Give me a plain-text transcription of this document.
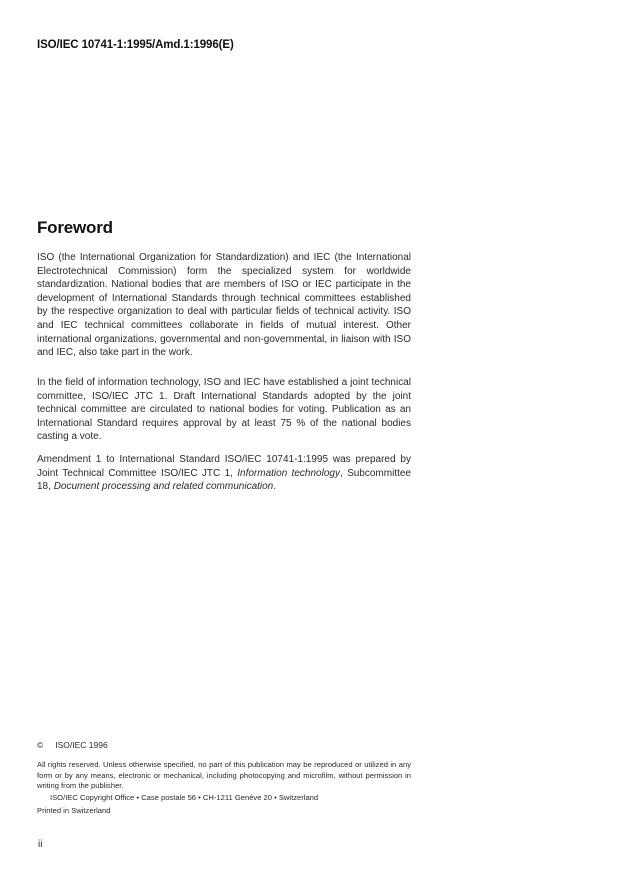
ISO/IEC 10741-1:1995/Amd.1:1996(E)
Foreword

ISO (the International Organization for Standardization) and IEC (the International Electrotechnical Commission) form the specialized system for worldwide standardization. National bodies that are members of ISO or IEC participate in the development of International Standards through technical committees established by the respective organization to deal with particular fields of technical activity. ISO and IEC technical committees collaborate in fields of mutual interest. Other international organizations, governmental and non-governmental, in liaison with ISO and IEC, also take part in the work.

In the field of information technology, ISO and IEC have established a joint technical committee, ISO/IEC JTC 1. Draft International Standards adopted by the joint technical committee are circulated to national bodies for voting. Publication as an International Standard requires approval by at least 75 % of the national bodies casting a vote.

Amendment 1 to International Standard ISO/IEC 10741-1:1995 was prepared by Joint Technical Committee ISO/IEC JTC 1, Information technology, Subcommittee 18, Document processing and related communication.

© ISO/IEC 1996
All rights reserved. Unless otherwise specified, no part of this publication may be reproduced or utilized in any form or by any means, electronic or mechanical, including photocopying and microfilm, without permission in writing from the publisher.
ISO/IEC Copyright Office • Case postale 56 • CH-1211 Genève 20 • Switzerland
Printed in Switzerland
ii
